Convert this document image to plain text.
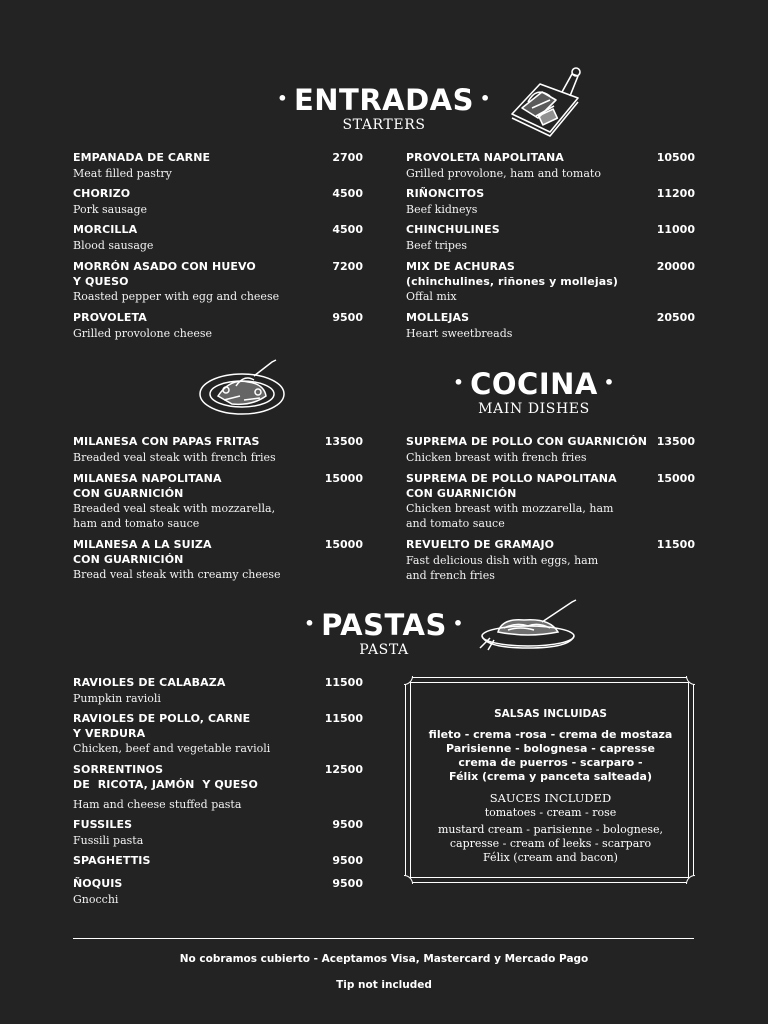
• ENTRADAS •
STARTERS
EMPANADA DE CARNE
Meat filled pastry
2700
CHORIZO
Pork sausage
4500
MORCILLA
Blood sausage
4500
MORRÓN ASADO CON HUEVO
Y QUESO
Roasted pepper with egg and cheese
7200
PROVOLETA
Grilled provolone cheese
9500
PROVOLETA NAPOLITANA
Grilled provolone, ham and tomato
10500
RIÑONCITOS
Beef kidneys
11200
CHINCHULINES
Beef tripes
11000
MIX DE ACHURAS
(chinchulines, riñones y mollejas)
Offal mix
20000
MOLLEJAS
Heart sweetbreads
20500
• COCINA •
MAIN DISHES
MILANESA CON PAPAS FRITAS
Breaded veal steak with french fries
13500
MILANESA NAPOLITANA
CON GUARNICIÓN
Breaded veal steak with mozzarella,
ham and tomato sauce
15000
MILANESA A LA SUIZA
CON GUARNICIÓN
Bread veal steak with creamy cheese
15000
SUPREMA DE POLLO CON GUARNICIÓN
Chicken breast with french fries
13500
SUPREMA DE POLLO NAPOLITANA
CON GUARNICIÓN
Chicken breast with mozzarella, ham
and tomato sauce
15000
REVUELTO DE GRAMAJO
Fast delicious dish with eggs, ham
and french fries
11500
• PASTAS •
PASTA
RAVIOLES DE CALABAZA
Pumpkin ravioli
11500
RAVIOLES DE POLLO, CARNE
Y VERDURA
Chicken, beef and vegetable ravioli
11500
SORRENTINOS
DE  RICOTA, JAMÓN  Y QUESO
Ham and cheese stuffed pasta
12500
FUSSILES
Fussili pasta
9500
SPAGHETTIS	9500
ÑOQUIS
Gnocchi
9500
SALSAS INCLUIDAS
fileto - crema -rosa - crema de mostaza
Parisienne - bolognesa - capresse
crema de puerros - scarparo -
Félix (crema y panceta salteada)
SAUCES INCLUDED
tomatoes - cream - rose
mustard cream - parisienne - bolognese,
capresse - cream of leeks - scarparo
Félix (cream and bacon)
No cobramos cubierto - Aceptamos Visa, Mastercard y Mercado Pago
Tip not included
